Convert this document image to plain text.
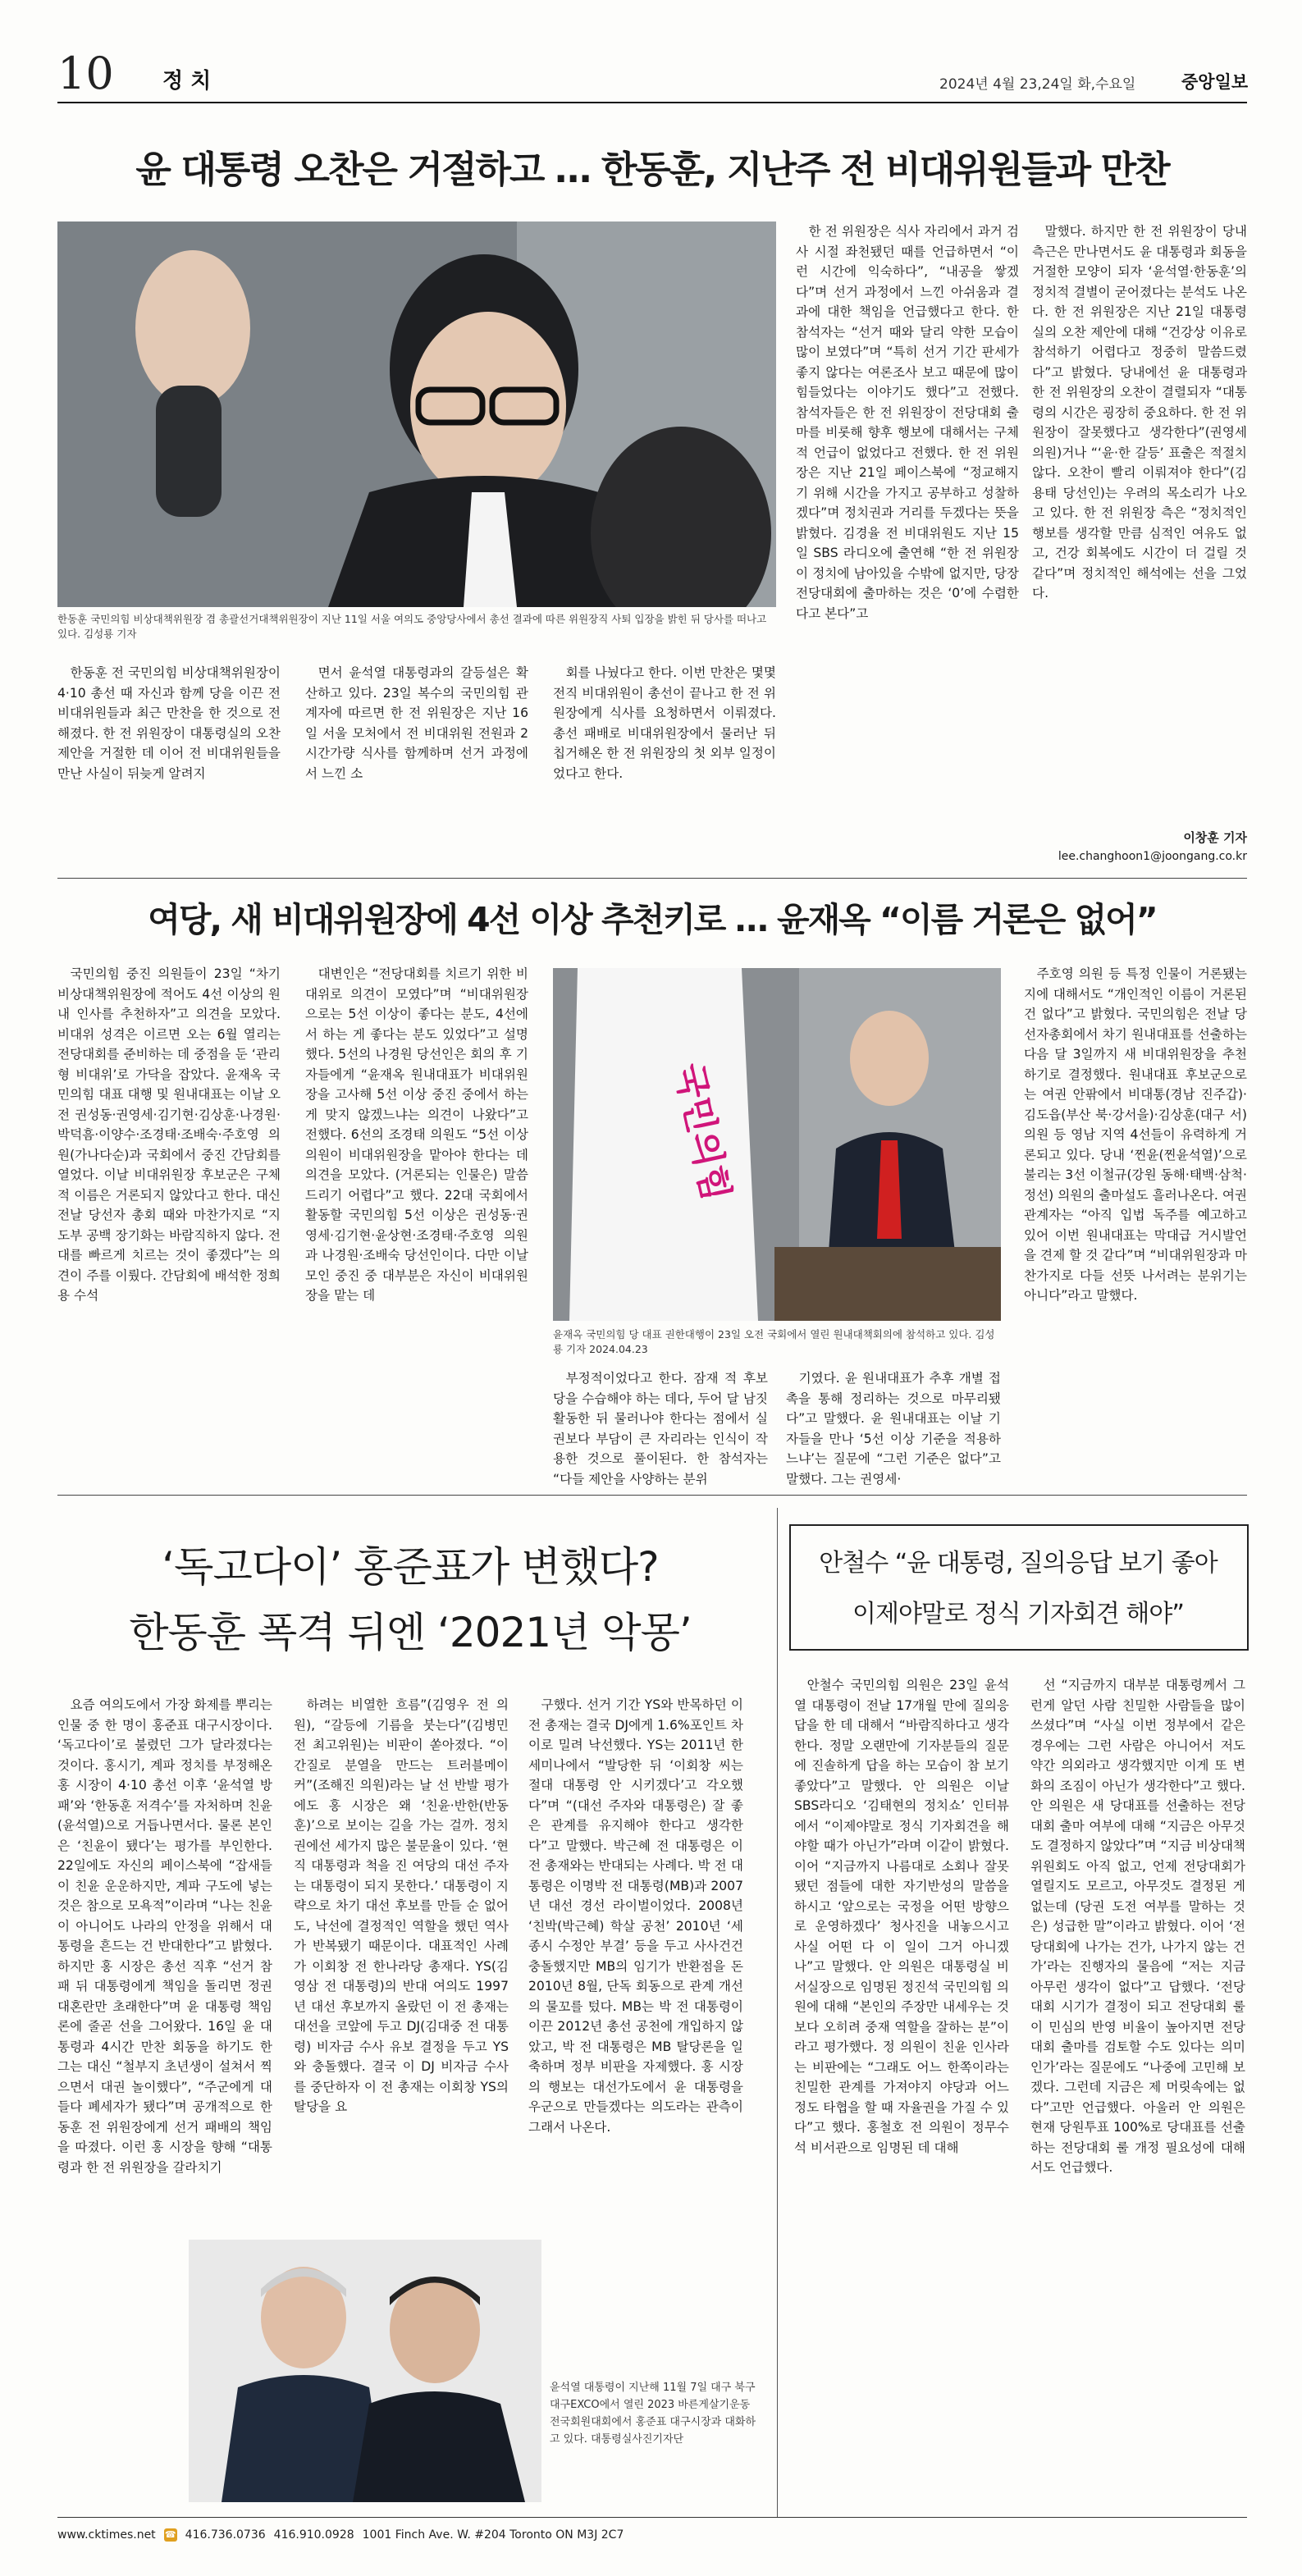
10 정 치	2024년 4월 23,24일 화,수요일	중앙일보
윤 대통령 오찬은 거절하고 … 한동훈, 지난주 전 비대위원들과 만찬
한동훈 국민의힘 비상대책위원장 겸 총괄선거대책위원장이 지난 11일 서울 여의도 중앙당사에서 총선 결과에 따른 위원장직 사퇴 입장을 밝힌 뒤 당사를 떠나고 있다. 김성룡 기자

한동훈 전 국민의힘 비상대책위원장이 4·10 총선 때 자신과 함께 당을 이끈 전 비대위원들과 최근 만찬을 한 것으로 전해졌다. 한 전 위원장이 대통령실의 오찬 제안을 거절한 데 이어 전 비대위원들을 만난 사실이 뒤늦게 알려지

면서 윤석열 대통령과의 갈등설은 확산하고 있다. 23일 복수의 국민의힘 관계자에 따르면 한 전 위원장은 지난 16일 서울 모처에서 전 비대위원 전원과 2시간가량 식사를 함께하며 선거 과정에서 느낀 소

회를 나눴다고 한다. 이번 만찬은 몇몇 전직 비대위원이 총선이 끝나고 한 전 위원장에게 식사를 요청하면서 이뤄졌다. 총선 패배로 비대위원장에서 물러난 뒤 칩거해온 한 전 위원장의 첫 외부 일정이었다고 한다.

한 전 위원장은 식사 자리에서 과거 검사 시절 좌천됐던 때를 언급하면서 “이런 시간에 익숙하다”, “내공을 쌓겠다”며 선거 과정에서 느낀 아쉬움과 결과에 대한 책임을 언급했다고 한다. 한 참석자는 “선거 때와 달리 약한 모습이 많이 보였다”며 “특히 선거 기간 판세가 좋지 않다는 여론조사 보고 때문에 많이 힘들었다는 이야기도 했다”고 전했다. 참석자들은 한 전 위원장이 전당대회 출마를 비롯해 향후 행보에 대해서는 구체적 언급이 없었다고 전했다. 한 전 위원장은 지난 21일 페이스북에 “정교해지기 위해 시간을 가지고 공부하고 성찰하겠다”며 정치권과 거리를 두겠다는 뜻을 밝혔다. 김경율 전 비대위원도 지난 15일 SBS 라디오에 출연해 “한 전 위원장이 정치에 남아있을 수밖에 없지만, 당장 전당대회에 출마하는 것은 ‘0’에 수렴한다고 본다”고

말했다. 하지만 한 전 위원장이 당내 측근은 만나면서도 윤 대통령과 회동을 거절한 모양이 되자 ‘윤석열·한동훈’의 정치적 결별이 굳어졌다는 분석도 나온다. 한 전 위원장은 지난 21일 대통령실의 오찬 제안에 대해 “건강상 이유로 참석하기 어렵다고 정중히 말씀드렸다”고 밝혔다. 당내에선 윤 대통령과 한 전 위원장의 오찬이 결렬되자 “대통령의 시간은 굉장히 중요하다. 한 전 위원장이 잘못했다고 생각한다”(권영세 의원)거나 “‘윤·한 갈등’ 표출은 적절치 않다. 오찬이 빨리 이뤄져야 한다”(김용태 당선인)는 우려의 목소리가 나오고 있다. 한 전 위원장 측은 “정치적인 행보를 생각할 만큼 심적인 여유도 없고, 건강 회복에도 시간이 더 걸릴 것 같다”며 정치적인 해석에는 선을 그었다.

이창훈 기자
lee.changhoon1@joongang.co.kr
여당, 새 비대위원장에 4선 이상 추천키로 … 윤재옥 “이름 거론은 없어”

국민의힘 중진 의원들이 23일 “차기 비상대책위원장에 적어도 4선 이상의 원내 인사를 추천하자”고 의견을 모았다. 비대위 성격은 이르면 오는 6월 열리는 전당대회를 준비하는 데 중점을 둔 ‘관리형 비대위’로 가닥을 잡았다. 윤재옥 국민의힘 대표 대행 및 원내대표는 이날 오전 권성동·권영세·김기현·김상훈·나경원·박덕흠·이양수·조경태·조배숙·주호영 의원(가나다순)과 국회에서 중진 간담회를 열었다. 이날 비대위원장 후보군은 구체적 이름은 거론되지 않았다고 한다. 대신 전날 당선자 총회 때와 마찬가지로 “지도부 공백 장기화는 바람직하지 않다. 전대를 빠르게 치르는 것이 좋겠다”는 의견이 주를 이뤘다. 간담회에 배석한 정희용 수석

대변인은 “전당대회를 치르기 위한 비대위로 의견이 모였다”며 “비대위원장으로는 5선 이상이 좋다는 분도, 4선에서 하는 게 좋다는 분도 있었다”고 설명했다. 5선의 나경원 당선인은 회의 후 기자들에게 “윤재옥 원내대표가 비대위원장을 고사해 5선 이상 중진 중에서 하는 게 맞지 않겠느냐는 의견이 나왔다”고 전했다. 6선의 조경태 의원도 “5선 이상 의원이 비대위원장을 맡아야 한다는 데 의견을 모았다. (거론되는 인물은) 말씀드리기 어렵다”고 했다. 22대 국회에서 활동할 국민의힘 5선 이상은 권성동·권영세·김기현·윤상현·조경태·주호영 의원과 나경원·조배숙 당선인이다. 다만 이날 모인 중진 중 대부분은 자신이 비대위원장을 맡는 데

국민의힘
윤재옥 국민의힘 당 대표 권한대행이 23일 오전 국회에서 열린 원내대책회의에 참석하고 있다. 김성룡 기자 2024.04.23

부정적이었다고 한다. 잠재 적 후보 당을 수습해야 하는 데다, 두어 달 남짓 활동한 뒤 물러나야 한다는 점에서 실권보다 부담이 큰 자리라는 인식이 작용한 것으로 풀이된다. 한 참석자는 “다들 제안을 사양하는 분위

기였다. 윤 원내대표가 추후 개별 접촉을 통해 정리하는 것으로 마무리됐다”고 말했다. 윤 원내대표는 이날 기자들을 만나 ‘5선 이상 기준을 적용하느냐’는 질문에 “그런 기준은 없다”고 말했다. 그는 권영세·

주호영 의원 등 특정 인물이 거론됐는지에 대해서도 “개인적인 이름이 거론된 건 없다”고 밝혔다. 국민의힘은 전날 당선자총회에서 차기 원내대표를 선출하는 다음 달 3일까지 새 비대위원장을 추천하기로 결정했다. 원내대표 후보군으로는 여권 안팎에서 비대통(경남 진주갑)·김도읍(부산 북·강서을)·김상훈(대구 서) 의원 등 영남 지역 4선들이 유력하게 거론되고 있다. 당내 ‘찐윤(찐윤석열)’으로 불리는 3선 이철규(강원 동해·태백·삼척·정선) 의원의 출마설도 흘러나온다. 여권 관계자는 “아직 입법 독주를 예고하고 있어 이번 원내대표는 막대급 거시발언을 견제 할 것 같다”며 “비대위원장과 마찬가지로 다들 선뜻 나서려는 분위기는 아니다”라고 말했다.

‘독고다이’ 홍준표가 변했다?
한동훈 폭격 뒤엔 ‘2021년 악몽’

요즘 여의도에서 가장 화제를 뿌리는 인물 중 한 명이 홍준표 대구시장이다. ‘독고다이’로 불렸던 그가 달라졌다는 것이다. 홍시기, 계파 정치를 부정해온 홍 시장이 4·10 총선 이후 ‘윤석열 방패’와 ‘한동훈 저격수’를 자처하며 친윤(윤석열)으로 거듭나면서다. 물론 본인은 ‘친윤이 됐다’는 평가를 부인한다. 22일에도 자신의 페이스북에 “잡새들이 친윤 운운하지만, 계파 구도에 넣는 것은 참으로 모욕적”이라며 “나는 친윤이 아니어도 나라의 안정을 위해서 대통령을 흔드는 건 반대한다”고 밝혔다. 하지만 홍 시장은 총선 직후 “선거 참패 뒤 대통령에게 책임을 돌리면 정권 대혼란만 초래한다”며 윤 대통령 책임론에 줄곧 선을 그어왔다. 16일 윤 대통령과 4시간 만찬 회동을 하기도 한 그는 대신 “철부지 초년생이 설쳐서 찍으면서 대권 놀이했다”, “주군에게 대들다 폐세자가 됐다”며 공개적으로 한동훈 전 위원장에게 선거 패배의 책임을 따졌다. 이런 홍 시장을 향해 “대통령과 한 전 위원장을 갈라치기

하려는 비열한 흐름”(김영우 전 의원), “갈등에 기름을 붓는다”(김병민 전 최고위원)는 비판이 쏟아졌다. “이간질로 분열을 만드는 트러블메이커”(조해진 의원)라는 날 선 반발 평가에도 홍 시장은 왜 ‘친윤·반한(반동훈)’으로 보이는 길을 가는 걸까. 정치권에선 세가지 많은 불문율이 있다. ‘현직 대통령과 척을 진 여당의 대선 주자는 대통령이 되지 못한다.’ 대통령이 지략으로 차기 대선 후보를 만들 순 없어도, 낙선에 결정적인 역할을 했던 역사가 반복됐기 때문이다. 대표적인 사례가 이회창 전 한나라당 총재다. YS(김영삼 전 대통령)의 반대 여의도 1997년 대선 후보까지 올랐던 이 전 총재는 대선을 코앞에 두고 DJ(김대중 전 대통령) 비자금 수사 유보 결정을 두고 YS와 충돌했다. 결국 이 DJ 비자금 수사를 중단하자 이 전 총재는 이회창 YS의 탈당을 요

구했다. 선거 기간 YS와 반목하던 이 전 총재는 결국 DJ에게 1.6%포인트 차이로 밀려 낙선했다. YS는 2011년 한 세미나에서 “발당한 뒤 ‘이회창 씨는 절대 대통령 안 시키겠다’고 각오했다”며 “(대선 주자와 대통령은) 잘 좋은 관계를 유지해야 한다고 생각한다”고 말했다. 박근혜 전 대통령은 이 전 총재와는 반대되는 사례다. 박 전 대통령은 이명박 전 대통령(MB)과 2007년 대선 경선 라이벌이었다. 2008년 ‘친박(박근혜) 학살 공천’ 2010년 ‘세종시 수정안 부결’ 등을 두고 사사건건 충돌했지만 MB의 임기가 반환점을 돈 2010년 8월, 단독 회동으로 관계 개선의 물꼬를 텄다. MB는 박 전 대통령이 이끈 2012년 총선 공천에 개입하지 않았고, 박 전 대통령은 MB 탈당론을 일축하며 정부 비판을 자제했다. 홍 시장의 행보는 대선가도에서 윤 대통령을 우군으로 만들겠다는 의도라는 관측이 그래서 나온다.

윤석열 대통령이 지난해 11월 7일 대구 북구 대구EXCO에서 열린 2023 바른게살기운동 전국회원대회에서 홍준표 대구시장과 대화하고 있다. 대통령실사진기자단
안철수 “윤 대통령, 질의응답 보기 좋아
이제야말로 정식 기자회견 해야”

안철수 국민의힘 의원은 23일 윤석열 대통령이 전날 17개월 만에 질의응답을 한 데 대해서 “바람직하다고 생각한다. 정말 오랜만에 기자분들의 질문에 진솔하게 답을 하는 모습이 참 보기 좋았다”고 말했다. 안 의원은 이날 SBS라디오 ‘김태현의 정치쇼’ 인터뷰에서 “이제야말로 정식 기자회견을 해야할 때가 아닌가”라며 이같이 밝혔다. 이어 “지금까지 나름대로 소회나 잘못됐던 점들에 대한 자기반성의 말씀을 하시고 ‘앞으로는 국정을 어떤 방향으로 운영하겠다’ 청사진을 내놓으시고 사실 어떤 다 이 일이 그거 아니겠나”고 말했다. 안 의원은 대통령실 비서실장으로 임명된 정진석 국민의힘 의원에 대해 “본인의 주장만 내세우는 것보다 오히려 중재 역할을 잘하는 분”이라고 평가했다. 정 의원이 친윤 인사라는 비판에는 “그래도 어느 한쪽이라는 친밀한 관계를 가져야지 야당과 어느 정도 타협을 할 때 자율권을 가질 수 있다”고 했다. 홍철호 전 의원이 정무수석 비서관으로 임명된 데 대해

선 “지금까지 대부분 대통령께서 그런게 알던 사람 친밀한 사람들을 많이 쓰셨다”며 “사실 이번 정부에서 같은 경우에는 그런 사람은 아니어서 저도 약간 의외라고 생각했지만 이게 또 변화의 조짐이 아닌가 생각한다”고 했다. 안 의원은 새 당대표를 선출하는 전당대회 출마 여부에 대해 “지금은 아무것도 결정하지 않았다”며 “지금 비상대책위원회도 아직 없고, 언제 전당대회가 열릴지도 모르고, 아무것도 결정된 게 없는데 (당권 도전 여부를 말하는 것은) 성급한 말”이라고 밝혔다. 이어 ‘전당대회에 나가는 건가, 나가지 않는 건가’라는 진행자의 물음에 “저는 지금 아무런 생각이 없다”고 답했다. ‘전당대회 시기가 결정이 되고 전당대회 룰이 민심의 반영 비율이 높아지면 전당대회 출마를 검토할 수도 있다는 의미인가’라는 질문에도 “나중에 고민해 보겠다. 그런데 지금은 제 머릿속에는 없다”고만 언급했다. 아울러 안 의원은 현재 당원투표 100%로 당대표를 선출하는 전당대회 룰 개정 필요성에 대해서도 언급했다.

www.cktimes.net ☎ 416.736.0736 416.910.0928 1001 Finch Ave. W. #204 Toronto ON M3J 2C7
